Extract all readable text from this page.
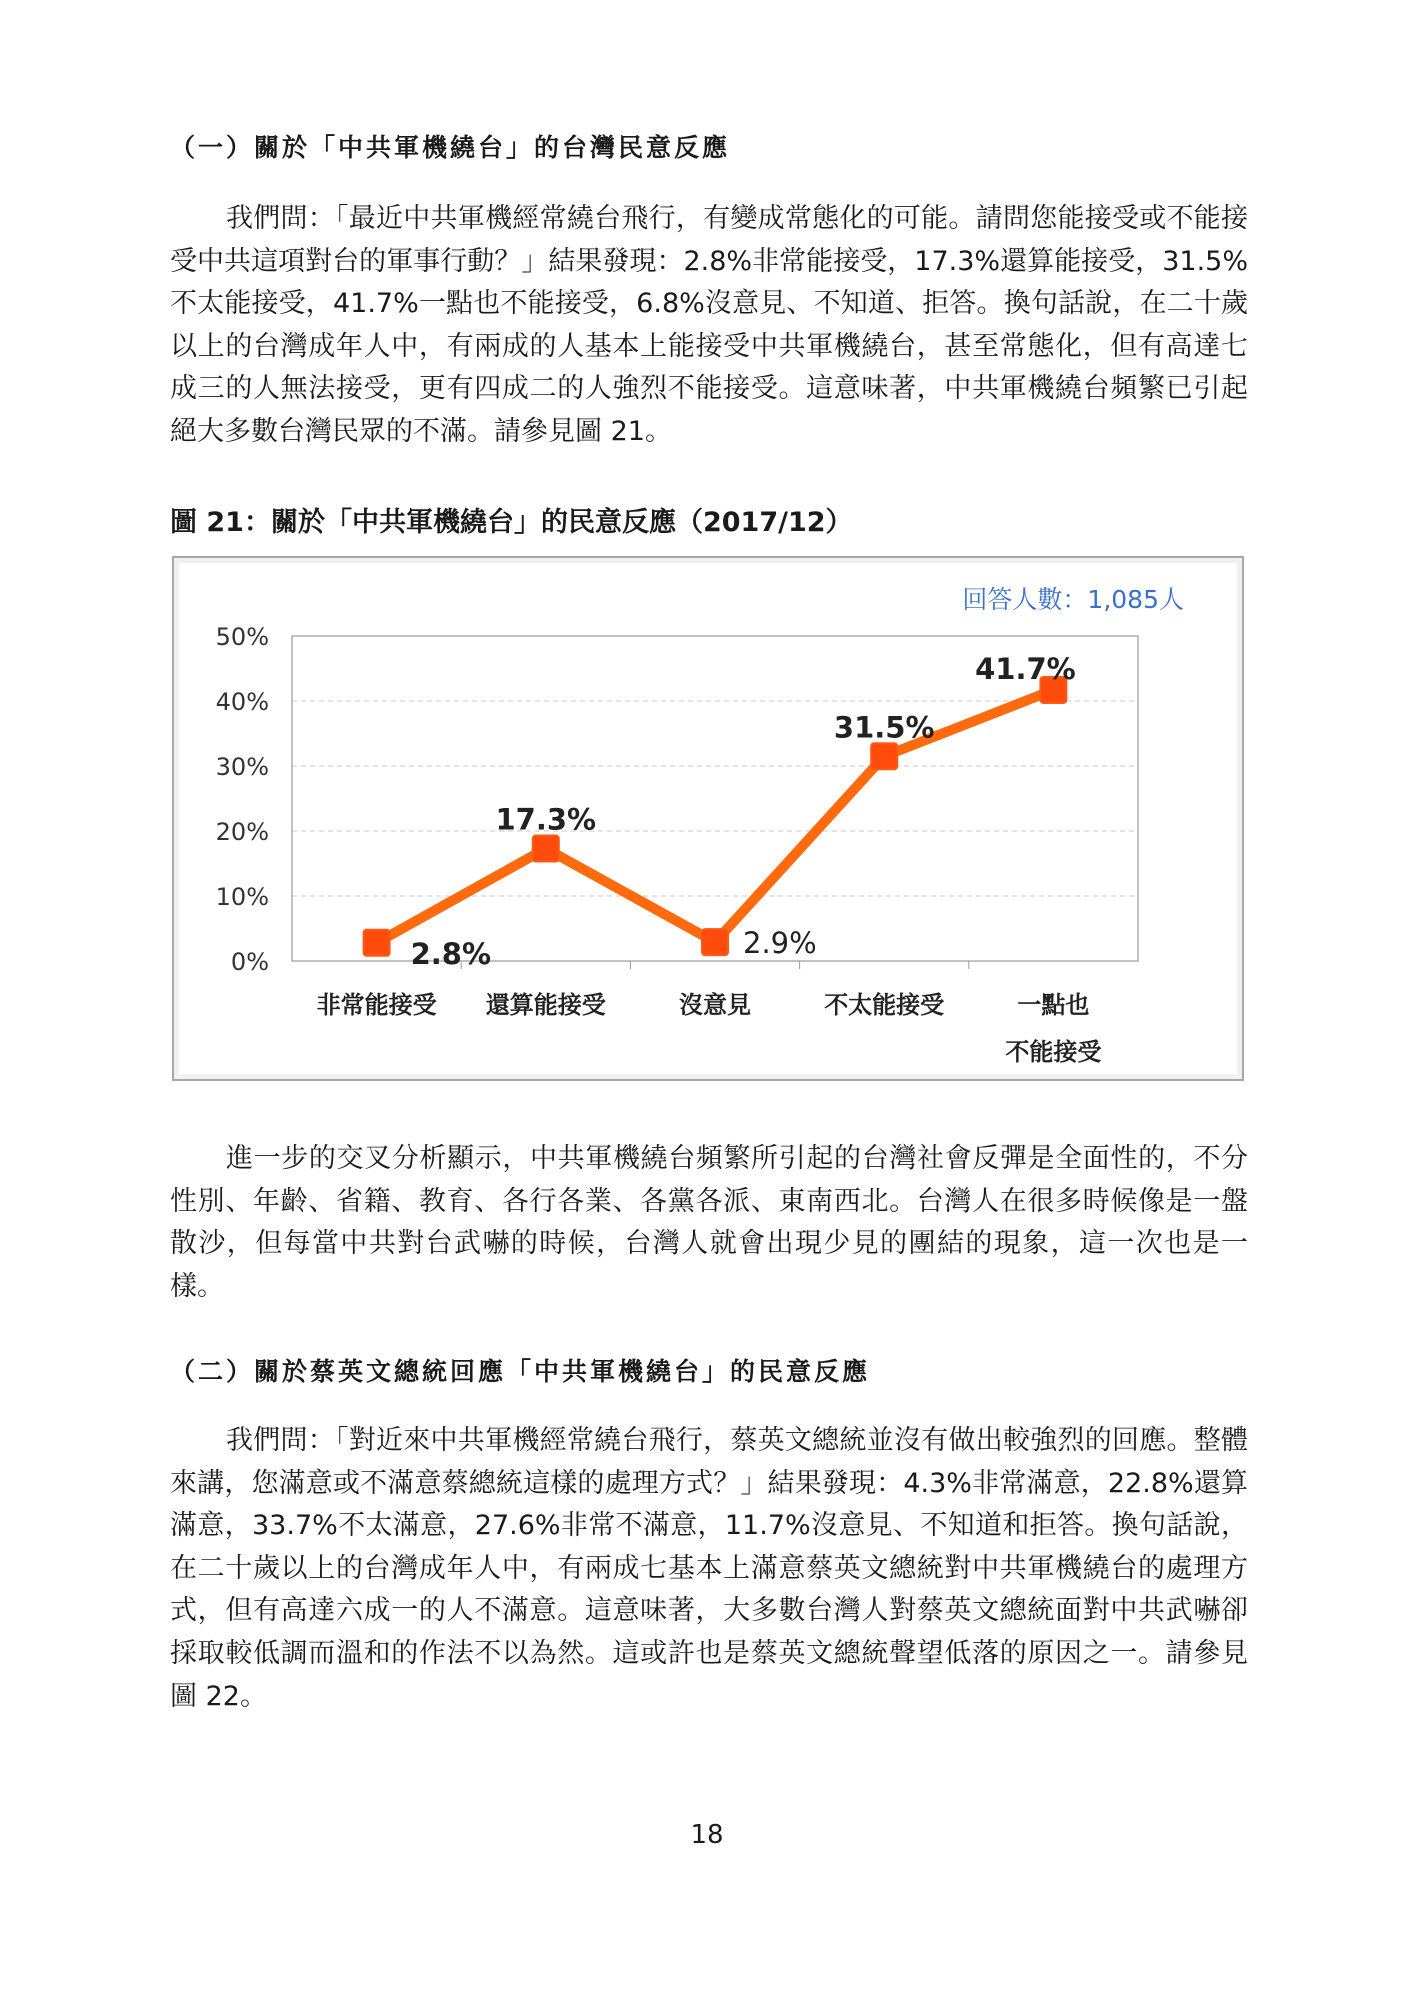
（一）關於「中共軍機繞台」的台灣民意反應

我們問：「最近中共軍機經常繞台飛行，有變成常態化的可能。請問您能接受或不能接受中共這項對台的軍事行動？」結果發現：2.8%非常能接受，17.3%還算能接受，31.5%不太能接受，41.7%一點也不能接受，6.8%沒意見、不知道、拒答。換句話說，在二十歲以上的台灣成年人中，有兩成的人基本上能接受中共軍機繞台，甚至常態化，但有高達七成三的人無法接受，更有四成二的人強烈不能接受。這意味著，中共軍機繞台頻繁已引起絕大多數台灣民眾的不滿。請參見圖 21。

圖 21：關於「中共軍機繞台」的民意反應（2017/12）
0%
10%
20%
30%
40%
50%
2.8%
17.3%
2.9%
31.5%
41.7%
非常能接受 還算能接受	沒意見	不太能接受	一點也
不能接受
回答人數：1,085人

進一步的交叉分析顯示，中共軍機繞台頻繁所引起的台灣社會反彈是全面性的，不分性別、年齡、省籍、教育、各行各業、各黨各派、東南西北。台灣人在很多時候像是一盤散沙，但每當中共對台武嚇的時候，台灣人就會出現少見的團結的現象，這一次也是一樣。

（二）關於蔡英文總統回應「中共軍機繞台」的民意反應

我們問：「對近來中共軍機經常繞台飛行，蔡英文總統並沒有做出較強烈的回應。整體來講，您滿意或不滿意蔡總統這樣的處理方式？」結果發現：4.3%非常滿意，22.8%還算滿意，33.7%不太滿意，27.6%非常不滿意，11.7%沒意見、不知道和拒答。換句話說，在二十歲以上的台灣成年人中，有兩成七基本上滿意蔡英文總統對中共軍機繞台的處理方式，但有高達六成一的人不滿意。這意味著，大多數台灣人對蔡英文總統面對中共武嚇卻採取較低調而溫和的作法不以為然。這或許也是蔡英文總統聲望低落的原因之一。請參見圖 22。

18
